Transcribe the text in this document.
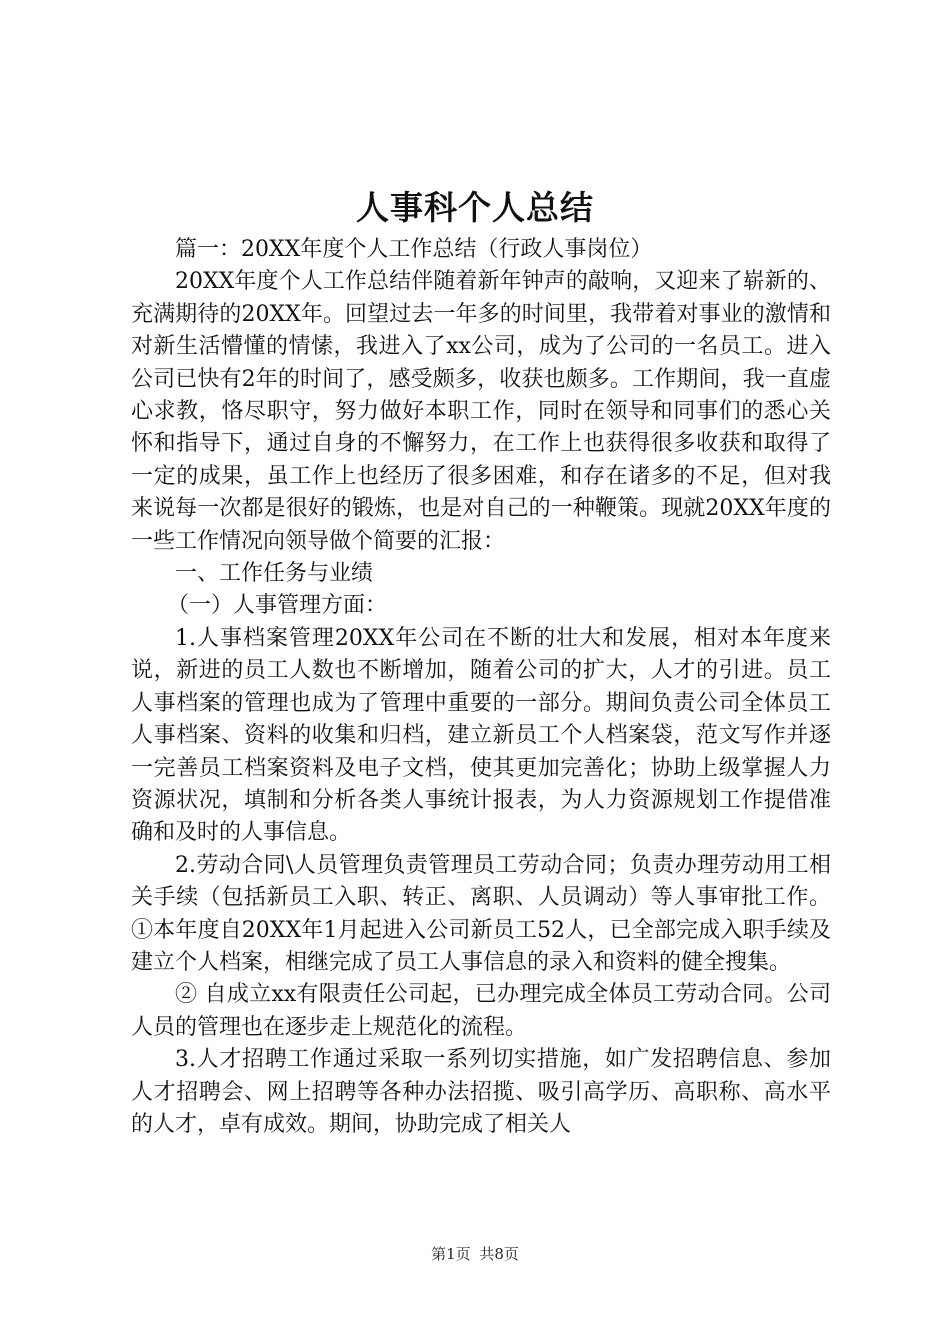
人事科个人总结

篇一：20XX年度个人工作总结（行政人事岗位）

20XX年度个人工作总结伴随着新年钟声的敲响，又迎来了崭新的、充满期待的20XX年。回望过去一年多的时间里，我带着对事业的激情和对新生活懵懂的情愫，我进入了xx公司，成为了公司的一名员工。进入公司已快有2年的时间了，感受颇多，收获也颇多。工作期间，我一直虚心求教，恪尽职守，努力做好本职工作，同时在领导和同事们的悉心关怀和指导下，通过自身的不懈努力，在工作上也获得很多收获和取得了一定的成果，虽工作上也经历了很多困难，和存在诸多的不足，但对我来说每一次都是很好的锻炼，也是对自己的一种鞭策。现就20XX年度的一些工作情况向领导做个简要的汇报：

一、工作任务与业绩

（一）人事管理方面：

1.人事档案管理20XX年公司在不断的壮大和发展，相对本年度来说，新进的员工人数也不断增加，随着公司的扩大，人才的引进。员工人事档案的管理也成为了管理中重要的一部分。期间负责公司全体员工人事档案、资料的收集和归档，建立新员工个人档案袋，范文写作并逐一完善员工档案资料及电子文档，使其更加完善化；协助上级掌握人力资源状况，填制和分析各类人事统计报表，为人力资源规划工作提借准确和及时的人事信息。

2.劳动合同\人员管理负责管理员工劳动合同；负责办理劳动用工相关手续（包括新员工入职、转正、离职、人员调动）等人事审批工作。①本年度自20XX年1月起进入公司新员工52人，已全部完成入职手续及建立个人档案，相继完成了员工人事信息的录入和资料的健全搜集。

② 自成立xx有限责任公司起，已办理完成全体员工劳动合同。公司人员的管理也在逐步走上规范化的流程。

3.人才招聘工作通过采取一系列切实措施，如广发招聘信息、参加人才招聘会、网上招聘等各种办法招揽、吸引高学历、高职称、高水平的人才，卓有成效。期间，协助完成了相关人

第1页 共8页
